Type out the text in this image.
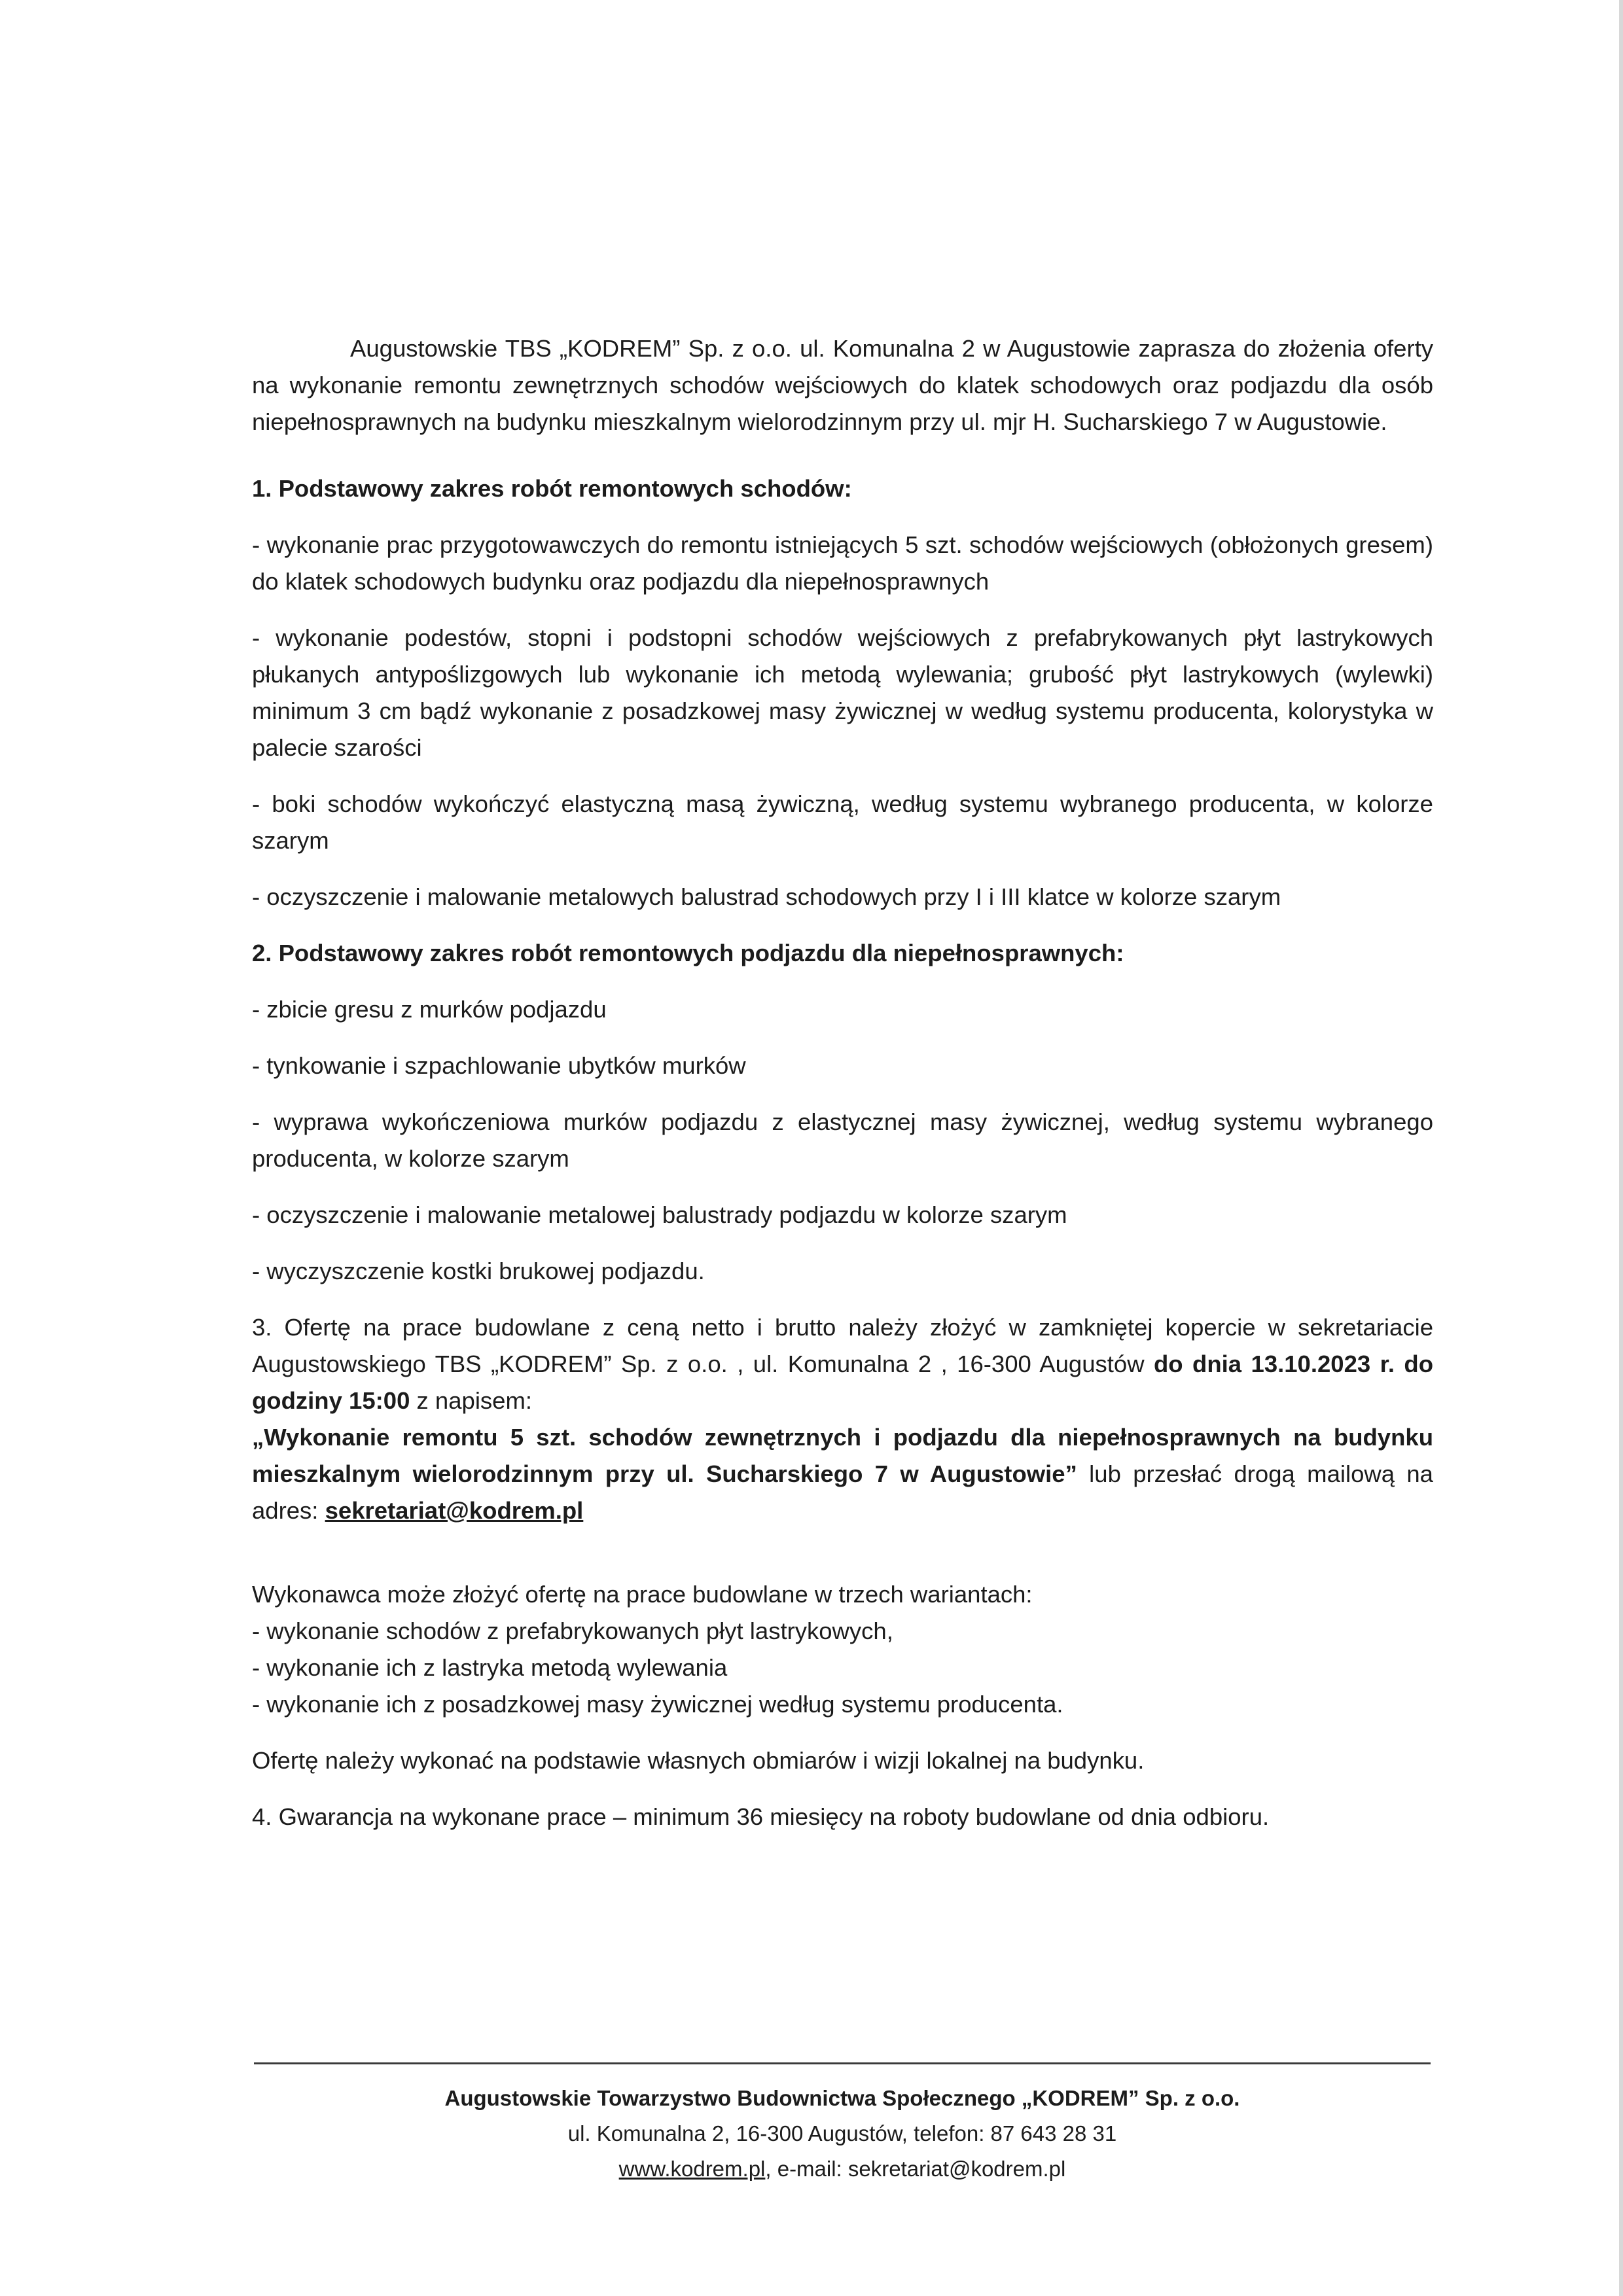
Augustowskie TBS „KODREM” Sp. z o.o. ul. Komunalna 2 w Augustowie zaprasza do złożenia oferty na wykonanie remontu zewnętrznych schodów wejściowych do klatek schodowych oraz podjazdu dla osób niepełnosprawnych na budynku mieszkalnym wielorodzinnym przy ul. mjr H. Sucharskiego 7 w Augustowie.

1. Podstawowy zakres robót remontowych schodów:

- wykonanie prac przygotowawczych do remontu istniejących 5 szt. schodów wejściowych (obłożonych gresem) do klatek schodowych budynku oraz podjazdu dla niepełnosprawnych

- wykonanie podestów, stopni i podstopni schodów wejściowych z prefabrykowanych płyt lastrykowych płukanych antypoślizgowych lub wykonanie ich metodą wylewania; grubość płyt lastrykowych (wylewki) minimum 3 cm bądź wykonanie z posadzkowej masy żywicznej w według systemu producenta, kolorystyka w palecie szarości

- boki schodów wykończyć elastyczną masą żywiczną, według systemu wybranego producenta, w kolorze szarym

- oczyszczenie i malowanie metalowych balustrad schodowych przy I i III klatce w kolorze szarym

2. Podstawowy zakres robót remontowych podjazdu dla niepełnosprawnych:

- zbicie gresu z murków podjazdu

- tynkowanie i szpachlowanie ubytków murków

- wyprawa wykończeniowa murków podjazdu z elastycznej masy żywicznej, według systemu wybranego producenta, w kolorze szarym

- oczyszczenie i malowanie metalowej balustrady podjazdu w kolorze szarym

- wyczyszczenie kostki brukowej podjazdu.

3. Ofertę na prace budowlane z ceną netto i brutto należy złożyć w zamkniętej kopercie w sekretariacie Augustowskiego TBS „KODREM” Sp. z o.o. , ul. Komunalna 2 , 16-300 Augustów do dnia 13.10.2023 r. do godziny 15:00 z napisem:
„Wykonanie remontu 5 szt. schodów zewnętrznych i podjazdu dla niepełnosprawnych na budynku mieszkalnym wielorodzinnym przy ul. Sucharskiego 7 w Augustowie” lub przesłać drogą mailową na adres: sekretariat@kodrem.pl

Wykonawca może złożyć ofertę na prace budowlane w trzech wariantach:

- wykonanie schodów z prefabrykowanych płyt lastrykowych,

- wykonanie ich z lastryka metodą wylewania

- wykonanie ich z posadzkowej masy żywicznej według systemu producenta.

Ofertę należy wykonać na podstawie własnych obmiarów i wizji lokalnej na budynku.

4. Gwarancja na wykonane prace – minimum 36 miesięcy na roboty budowlane od dnia odbioru.

Augustowskie Towarzystwo Budownictwa Społecznego „KODREM” Sp. z o.o.
ul. Komunalna 2, 16-300 Augustów, telefon: 87 643 28 31
www.kodrem.pl, e-mail: sekretariat@kodrem.pl
